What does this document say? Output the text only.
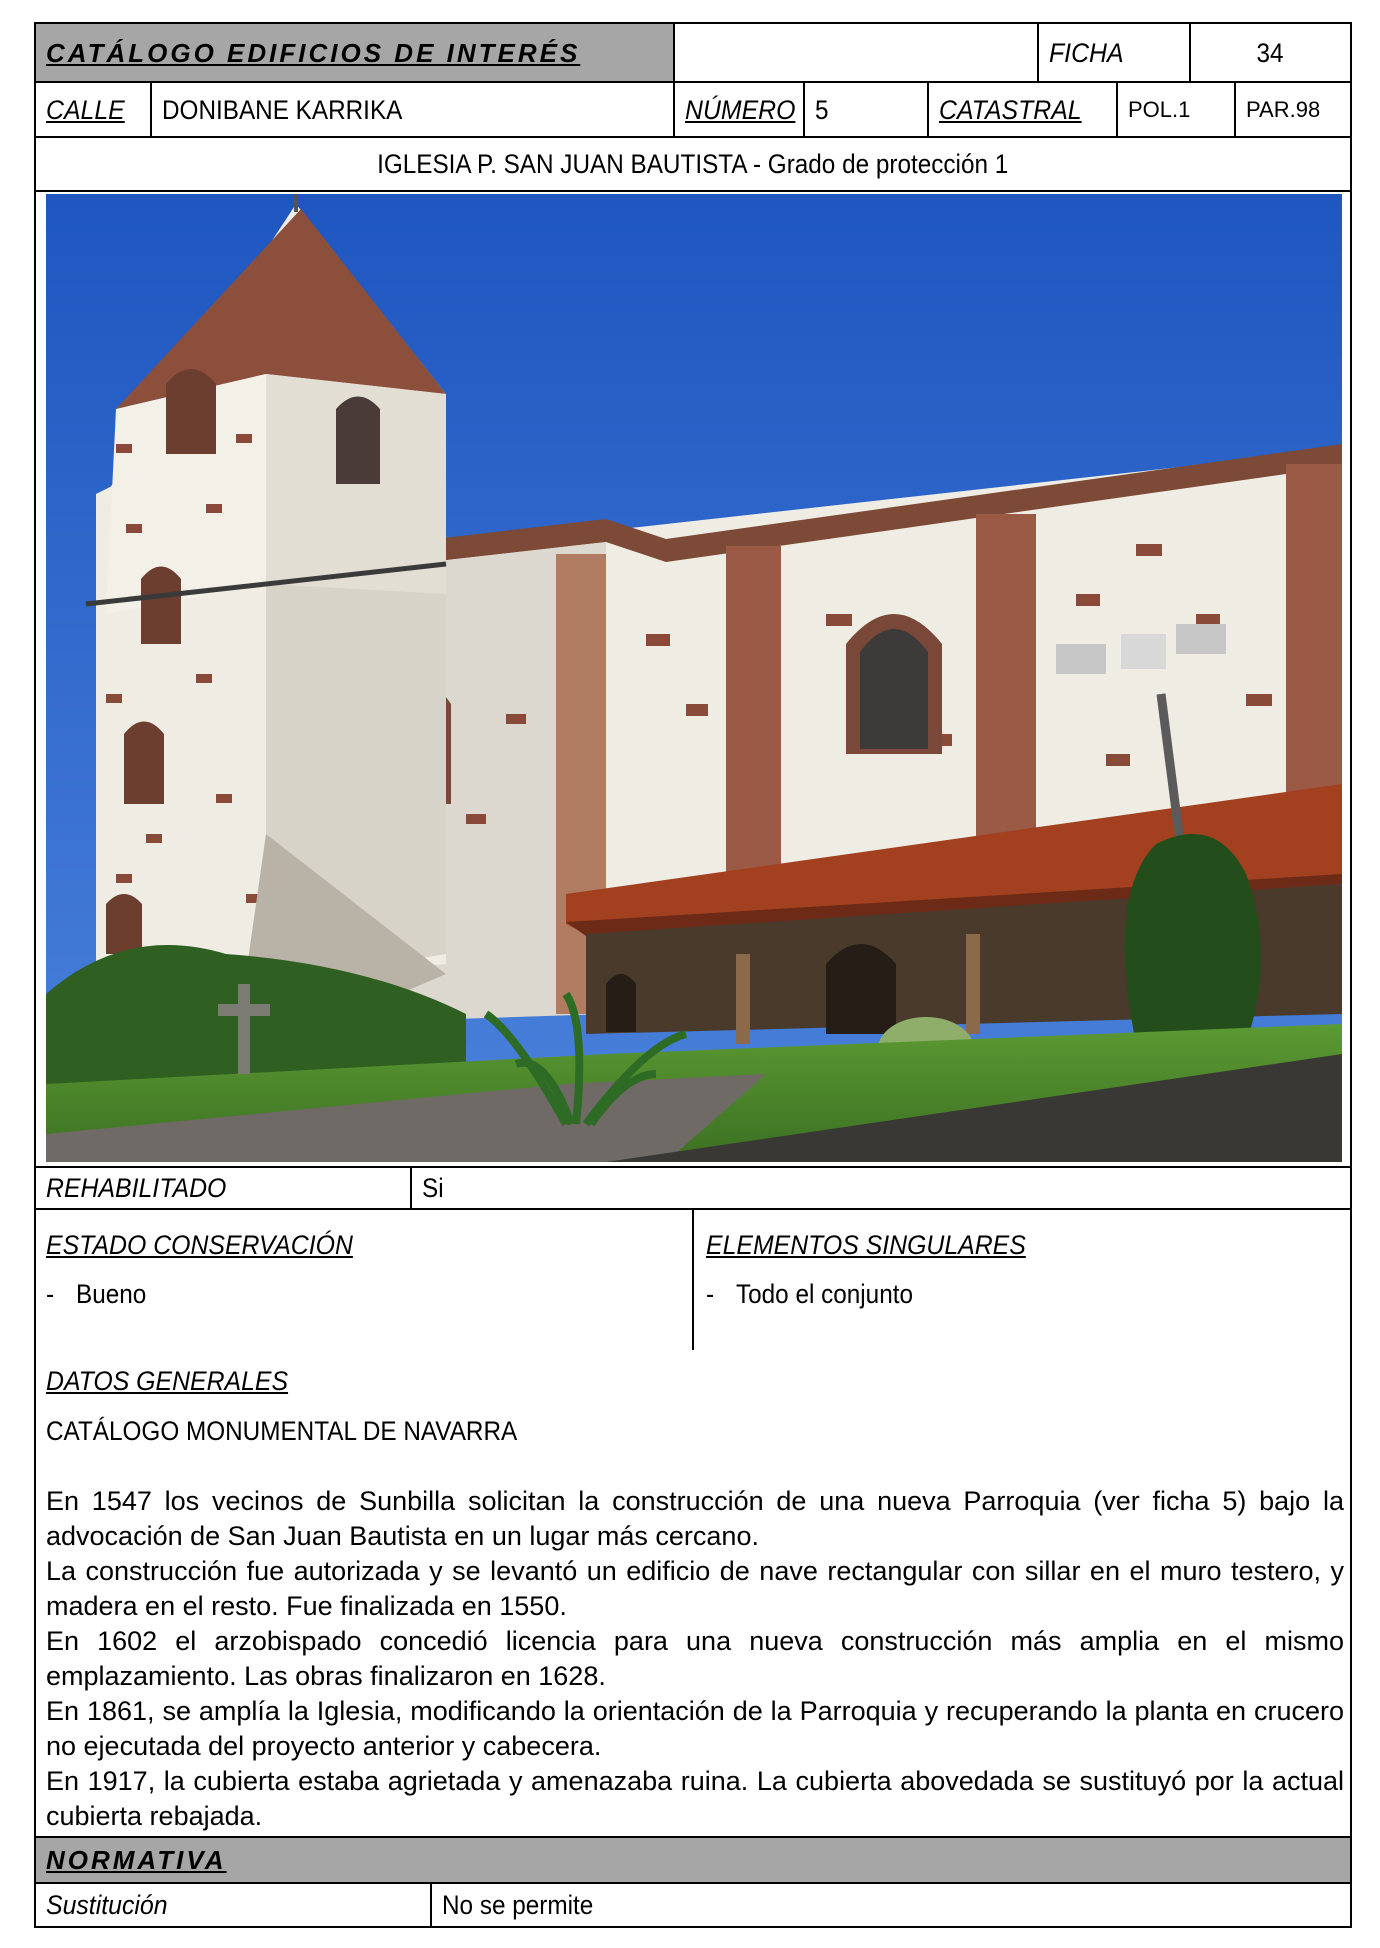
CATÁLOGO EDIFICIOS DE INTERÉS	FICHA	34
CALLE DONIBANE KARRIKA	NÚMERO 5	CATASTRAL POL.1	PAR.98
IGLESIA P. SAN JUAN BAUTISTA - Grado de protección 1
REHABILITADO	Si
ESTADO CONSERVACIÓN
- Bueno
ELEMENTOS SINGULARES
- Todo el conjunto
DATOS GENERALES
CATÁLOGO MONUMENTAL DE NAVARRA

En 1547 los vecinos de Sunbilla solicitan la construcción de una nueva Parroquia (ver ficha 5) bajo la advocación de San Juan Bautista en un lugar más cercano.

La construcción fue autorizada y se levantó un edificio de nave rectangular con sillar en el muro testero, y madera en el resto. Fue finalizada en 1550.

En 1602 el arzobispado concedió licencia para una nueva construcción más amplia en el mismo emplazamiento. Las obras finalizaron en 1628.

En 1861, se amplía la Iglesia, modificando la orientación de la Parroquia y recuperando la planta en crucero no ejecutada del proyecto anterior y cabecera.

En 1917, la cubierta estaba agrietada y amenazaba ruina. La cubierta abovedada se sustituyó por la actual cubierta rebajada.

NORMATIVA
Sustitución	No se permite
